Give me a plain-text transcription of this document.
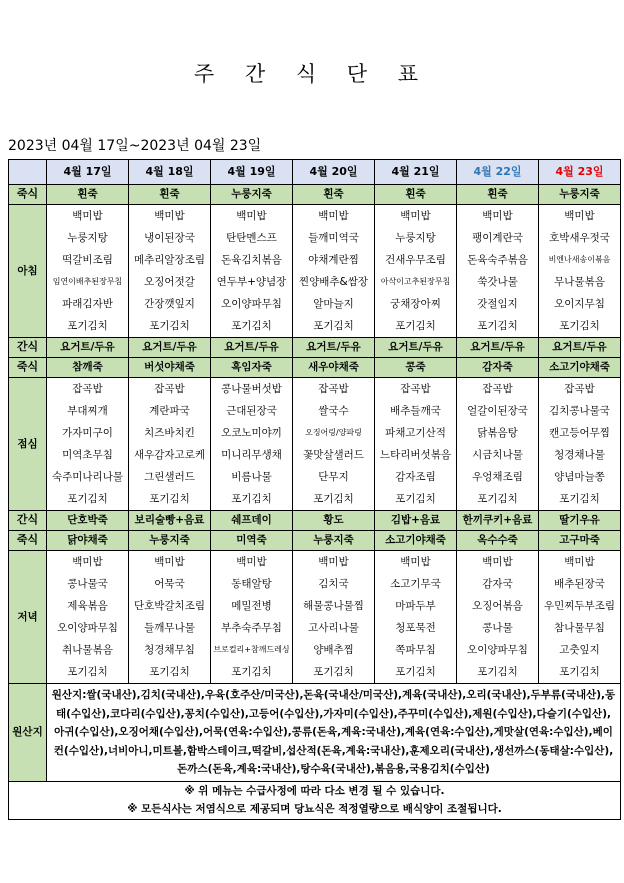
주 간 식 단 표
2023년 04월 17일~2023년 04월 23일
	4월 17일	4월 18일	4월 19일	4월 20일	4월 21일	4월 22일	4월 23일
죽식	흰죽	흰죽	누룽지죽	흰죽	흰죽	흰죽	누룽지죽
아침	백미밥	백미밥	백미밥	백미밥	백미밥	백미밥	백미밥

	누룽지탕	냉이된장국	탄탄멘스프	들깨미역국	누룽지탕	팽이계란국	호박새우젓국

	떡갈비조림	메추리알장조림	돈육김치볶음	야채계란찜	건새우무조림	돈육숙주볶음	비엔나새송이볶음

	임연이배추된장무침	오징어젓갈	연두부+양념장	찐양배추&쌈장	아삭이고추된장무침	쑥갓나물	무나물볶음

	파래김자반	간장깻잎지	오이양파무침	알마늘지	궁채장아찌	갓절임지	오이지무침

	포기김치	포기김치	포기김치	포기김치	포기김치	포기김치	포기김치

간식	요거트/두유	요거트/두유	요거트/두유	요거트/두유	요거트/두유	요거트/두유	요거트/두유
죽식	참깨죽	버섯야채죽	흑임자죽	새우야채죽	콩죽	감자죽	소고기야채죽
점심	잡곡밥	잡곡밥	콩나물버섯밥	잡곡밥	잡곡밥	잡곡밥	잡곡밥

	부대찌개	계란파국	근대된장국	쌀국수	배추들깨국	얼갈이된장국	김치콩나물국

	가자미구이	치즈바치킨	오코노미야끼	오징어링/양파링	파채고기산적	닭볶음탕	캔고등어무찜

	미역초무침	새우감자고로케	미니리무생채	꽃맛살샐러드	느타리버섯볶음	시금치나물	청경채나물

	숙주미나리나물	그린샐러드	비름나물	단무지	감자조림	우엉채조림	양념마늘쫑

	포기김치	포기김치	포기김치	포기김치	포기김치	포기김치	포기김치

간식	단호박죽	보리술빵+음료	쉐프데이	황도	김밥+음료	한끼쿠키+음료	딸기우유
죽식	닭야채죽	누룽지죽	미역죽	누룽지죽	소고기야채죽	옥수수죽	고구마죽
저녁	백미밥	백미밥	백미밥	백미밥	백미밥	백미밥	백미밥

	콩나물국	어묵국	동태알탕	김치국	소고기무국	감자국	배추된장국

	제육볶음	단호박갈치조림	메밀전병	해물콩나물찜	마파두부	오징어볶음	우민찌두부조림

	오이양파무침	들깨무나물	부추숙주무침	고사리나물	청포묵전	콩나물	참나물무침

	취나물볶음	청경채무침	브로컬리+참깨드레싱	양배추찜	쪽파무침	오이양파무침	고춧잎지

	포기김치	포기김치	포기김치	포기김치	포기김치	포기김치	포기김치

원산지	원산지:쌀(국내산),김치(국내산),우육(호주산/미국산),돈육(국내산/미국산),계육(국내산),오리(국내산),두부류(국내산),동태(수입산),코다리(수입산),꽁치(수입산),고등어(수입산),가자미(수입산),주꾸미(수입산),제원(수입산),다슬기(수입산),아귀(수입산),오징어채(수입산),어묵(연육:수입산),콩류(돈육,계육:국내산),계육(연육:수입산),게맛살(연육:수입산),베이컨(수입산),너비아니,미트볼,함박스테이크,떡갈비,섭산적(돈육,계육:국내산),훈제오리(국내산),생선까스(동태살:수입산),돈까스(돈육,계육:국내산),탕수육(국내산),볶음용,국용김치(수입산)						

※ 위 메뉴는 수급사정에 따라 다소 변경 될 수 있습니다.
※ 모든식사는 저염식으로 제공되며 당뇨식은 적정열량으로 배식양이 조절됩니다.							
